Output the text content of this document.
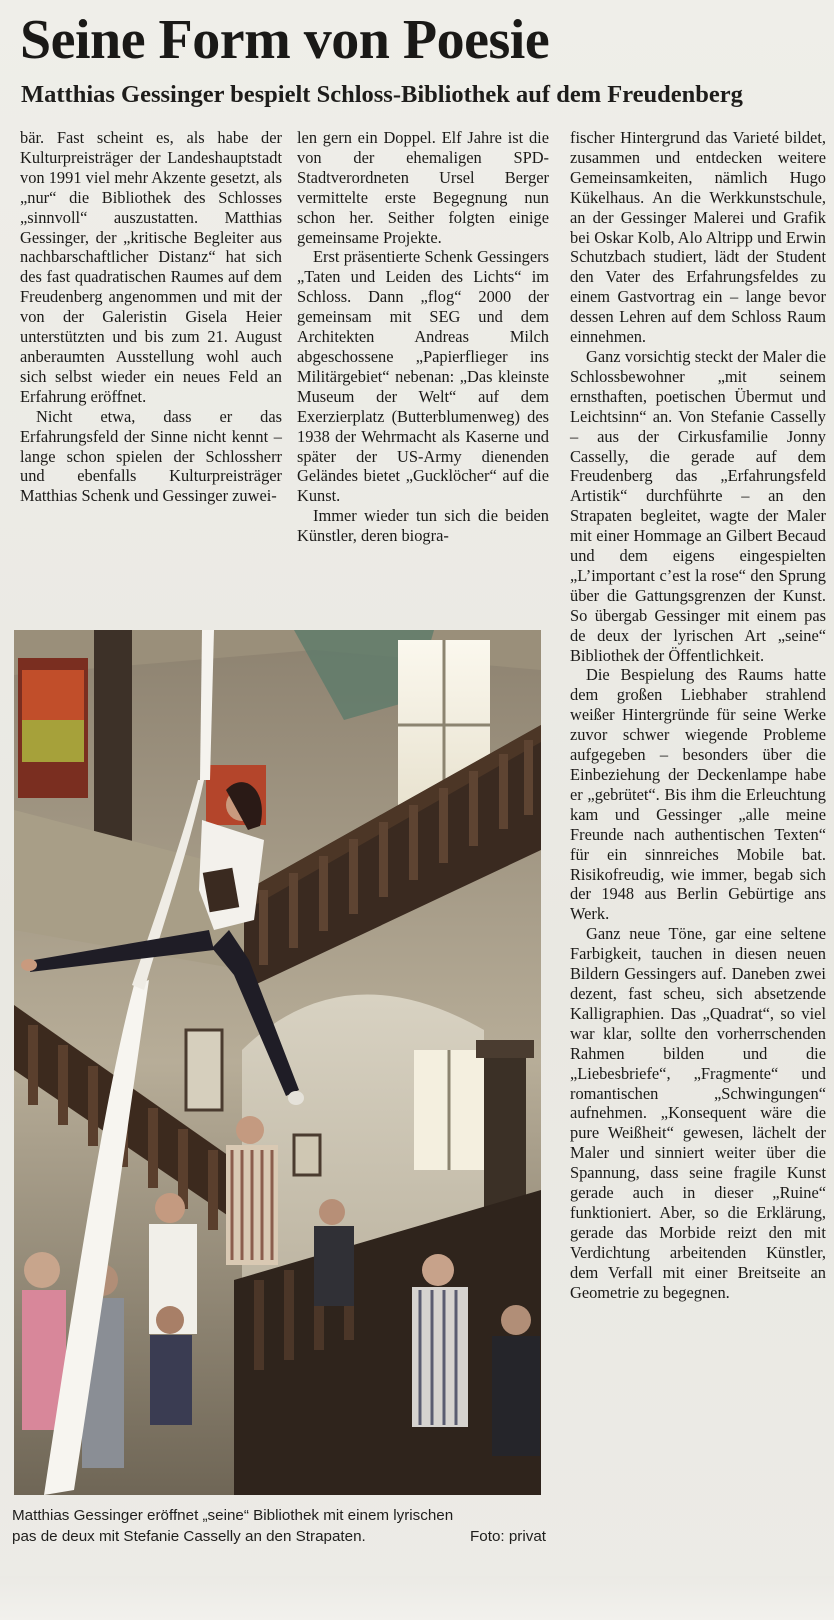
Seine Form von Poesie
Matthias Gessinger bespielt Schloss-Bibliothek auf dem Freudenberg

bär. Fast scheint es, als habe der Kulturpreisträger der Landeshauptstadt von 1991 viel mehr Akzente gesetzt, als „nur“ die Bibliothek des Schlosses „sinnvoll“ auszustatten. Matthias Gessinger, der „kritische Begleiter aus nachbarschaftlicher Distanz“ hat sich des fast quadratischen Raumes auf dem Freudenberg angenommen und mit der von der Galeristin Gisela Heier unterstützten und bis zum 21. August anberaumten Ausstellung wohl auch sich selbst wieder ein neues Feld an Erfahrung eröffnet.

Nicht etwa, dass er das Erfahrungsfeld der Sinne nicht kennt – lange schon spielen der Schlossherr und ebenfalls Kulturpreisträger Matthias Schenk und Gessinger zuwei-

len gern ein Doppel. Elf Jahre ist die von der ehemaligen SPD-Stadtverordneten Ursel Berger vermittelte erste Begegnung nun schon her. Seither folgten einige gemeinsame Projekte.

Erst präsentierte Schenk Gessingers „Taten und Leiden des Lichts“ im Schloss. Dann „flog“ 2000 der gemeinsam mit SEG und dem Architekten Andreas Milch abgeschossene „Papierflieger ins Militärgebiet“ nebenan: „Das kleinste Museum der Welt“ auf dem Exerzierplatz (Butterblumenweg) des 1938 der Wehrmacht als Kaserne und später der US-Army dienenden Geländes bietet „Gucklöcher“ auf die Kunst.

Immer wieder tun sich die beiden Künstler, deren biogra-

fischer Hintergrund das Varieté bildet, zusammen und entdecken weitere Gemeinsamkeiten, nämlich Hugo Kükelhaus. An die Werkkunstschule, an der Gessinger Malerei und Grafik bei Oskar Kolb, Alo Altripp und Erwin Schutzbach studiert, lädt der Student den Vater des Erfahrungsfeldes zu einem Gastvortrag ein – lange bevor dessen Lehren auf dem Schloss Raum einnehmen.

Ganz vorsichtig steckt der Maler die Schlossbewohner „mit seinem ernsthaften, poetischen Übermut und Leichtsinn“ an. Von Stefanie Casselly – aus der Cirkusfamilie Jonny Casselly, die gerade auf dem Freudenberg das „Erfahrungsfeld Artistik“ durchführte – an den Strapaten begleitet, wagte der Maler mit einer Hommage an Gilbert Becaud und dem eigens eingespielten „L’important c’est la rose“ den Sprung über die Gattungsgrenzen der Kunst. So übergab Gessinger mit einem pas de deux der lyrischen Art „seine“ Bibliothek der Öffentlichkeit.

Die Bespielung des Raums hatte dem großen Liebhaber strahlend weißer Hintergründe für seine Werke zuvor schwer wiegende Probleme aufgegeben – besonders über die Einbeziehung der Deckenlampe habe er „gebrütet“. Bis ihm die Erleuchtung kam und Gessinger „alle meine Freunde nach authentischen Texten“ für ein sinnreiches Mobile bat. Risikofreudig, wie immer, begab sich der 1948 aus Berlin Gebürtige ans Werk.

Ganz neue Töne, gar eine seltene Farbigkeit, tauchen in diesen neuen Bildern Gessingers auf. Daneben zwei dezent, fast scheu, sich absetzende Kalligraphien. Das „Quadrat“, so viel war klar, sollte den vorherrschenden Rahmen bilden und die „Liebesbriefe“, „Fragmente“ und romantischen „Schwingungen“ aufnehmen. „Konsequent wäre die pure Weißheit“ gewesen, lächelt der Maler und sinniert weiter über die Spannung, dass seine fragile Kunst gerade auch in dieser „Ruine“ funktioniert. Aber, so die Erklärung, gerade das Morbide reizt den mit Verdichtung arbeitenden Künstler, dem Verfall mit einer Breitseite an Geometrie zu begegnen.

Matthias Gessinger eröffnet „seine“ Bibliothek mit einem lyrischen
pas de deux mit Stefanie Casselly an den Strapaten.	Foto: privat
